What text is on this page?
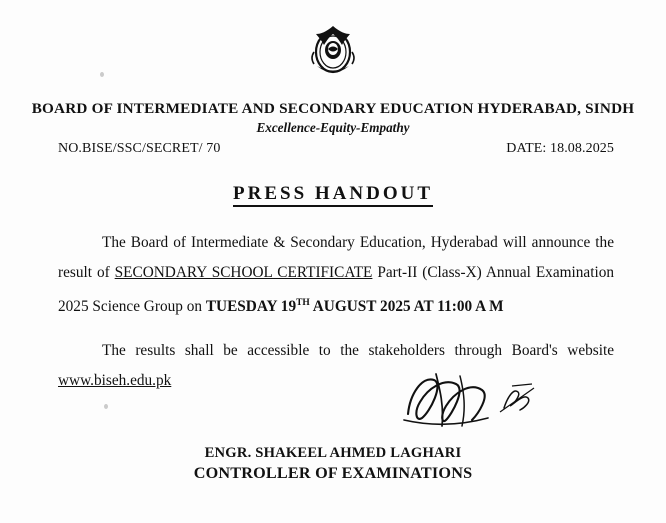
BOARD OF INTERMEDIATE AND SECONDARY EDUCATION HYDERABAD, SINDH
Excellence-Equity-Empathy
NO.BISE/SSC/SECRET/ 70	DATE: 18.08.2025
PRESS HANDOUT

The Board of Intermediate & Secondary Education, Hyderabad will announce the result of SECONDARY SCHOOL CERTIFICATE Part-II (Class-X) Annual Examination 2025 Science Group on TUESDAY 19TH AUGUST 2025 AT 11:00 A M

The results shall be accessible to the stakeholders through Board's website www.biseh.edu.pk

ENGR. SHAKEEL AHMED LAGHARI
CONTROLLER OF EXAMINATIONS
